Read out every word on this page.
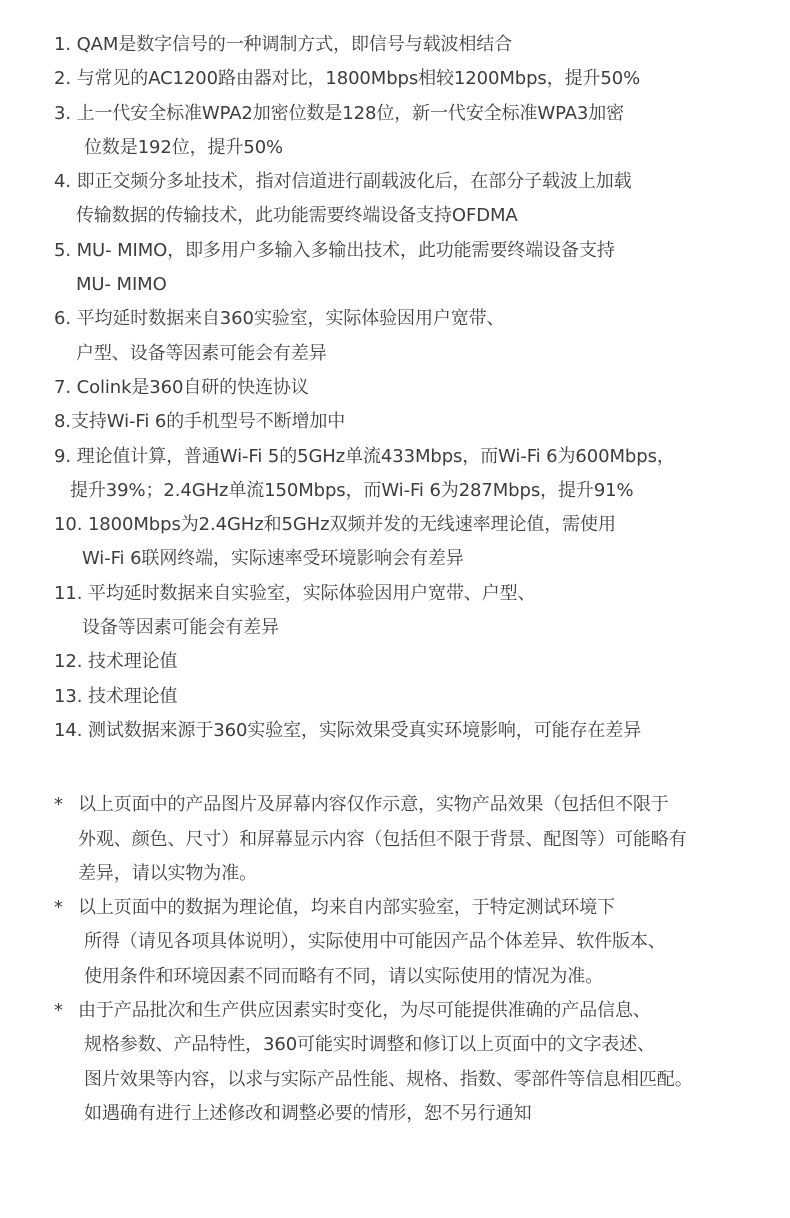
1. QAM是数字信号的一种调制方式，即信号与载波相结合
2. 与常见的AC1200路由器对比，1800Mbps相较1200Mbps，提升50%
3. 上一代安全标准WPA2加密位数是128位，新一代安全标准WPA3加密
位数是192位，提升50%
4. 即正交频分多址技术，指对信道进行副载波化后，在部分子载波上加载
传输数据的传输技术，此功能需要终端设备支持OFDMA
5. MU- MIMO，即多用户多输入多输出技术，此功能需要终端设备支持
MU- MIMO
6. 平均延时数据来自360实验室，实际体验因用户宽带、
户型、设备等因素可能会有差异
7. Colink是360自研的快连协议
8.支持Wi-Fi 6的手机型号不断增加中
9. 理论值计算，普通Wi-Fi 5的5GHz单流433Mbps，而Wi-Fi 6为600Mbps，
提升39%；2.4GHz单流150Mbps，而Wi-Fi 6为287Mbps，提升91%
10. 1800Mbps为2.4GHz和5GHz双频并发的无线速率理论值，需使用
Wi-Fi 6联网终端，实际速率受环境影响会有差异
11. 平均延时数据来自实验室，实际体验因用户宽带、户型、
设备等因素可能会有差异
12. 技术理论值
13. 技术理论值
14. 测试数据来源于360实验室，实际效果受真实环境影响，可能存在差异
* 以上页面中的产品图片及屏幕内容仅作示意，实物产品效果（包括但不限于
外观、颜色、尺寸）和屏幕显示内容（包括但不限于背景、配图等）可能略有
差异，请以实物为准。
* 以上页面中的数据为理论值，均来自内部实验室，于特定测试环境下
所得（请见各项具体说明），实际使用中可能因产品个体差异、软件版本、
使用条件和环境因素不同而略有不同，请以实际使用的情况为准。
* 由于产品批次和生产供应因素实时变化，为尽可能提供准确的产品信息、
规格参数、产品特性，360可能实时调整和修订以上页面中的文字表述、
图片效果等内容，以求与实际产品性能、规格、指数、零部件等信息相匹配。
如遇确有进行上述修改和调整必要的情形，恕不另行通知
